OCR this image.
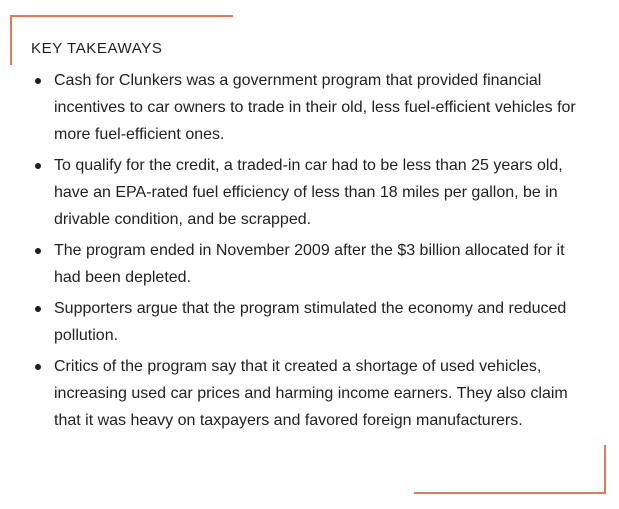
KEY TAKEAWAYS
Cash for Clunkers was a government program that provided financial incentives to car owners to trade in their old, less fuel-efficient vehicles for more fuel-efficient ones.
To qualify for the credit, a traded-in car had to be less than 25 years old, have an EPA-rated fuel efficiency of less than 18 miles per gallon, be in drivable condition, and be scrapped.
The program ended in November 2009 after the $3 billion allocated for it had been depleted.
Supporters argue that the program stimulated the economy and reduced pollution.
Critics of the program say that it created a shortage of used vehicles, increasing used car prices and harming income earners. They also claim that it was heavy on taxpayers and favored foreign manufacturers.
